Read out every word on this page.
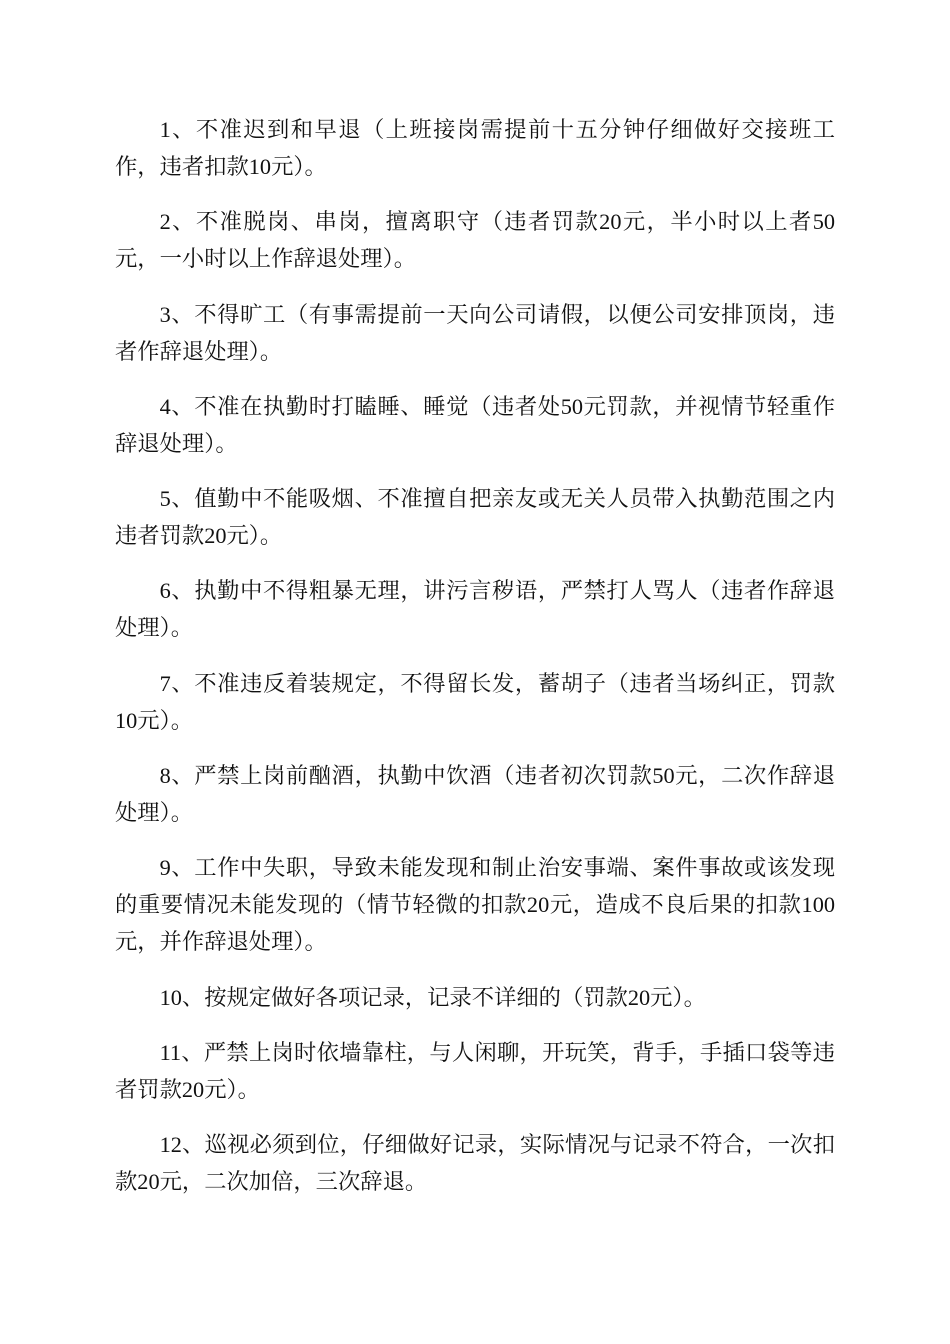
1、不准迟到和早退（上班接岗需提前十五分钟仔细做好交接班工
作，违者扣款10元）。
2、不准脱岗、串岗，擅离职守（违者罚款20元，半小时以上者50
元，一小时以上作辞退处理）。
3、不得旷工（有事需提前一天向公司请假，以便公司安排顶岗，违
者作辞退处理）。
4、不准在执勤时打瞌睡、睡觉（违者处50元罚款，并视情节轻重作
辞退处理）。
5、值勤中不能吸烟、不准擅自把亲友或无关人员带入执勤范围之内
违者罚款20元）。
6、执勤中不得粗暴无理，讲污言秽语，严禁打人骂人（违者作辞退
处理）。
7、不准违反着装规定，不得留长发，蓄胡子（违者当场纠正，罚款
10元）。
8、严禁上岗前酗酒，执勤中饮酒（违者初次罚款50元，二次作辞退
处理）。
9、工作中失职，导致未能发现和制止治安事端、案件事故或该发现
的重要情况未能发现的（情节轻微的扣款20元，造成不良后果的扣款100
元，并作辞退处理）。
10、按规定做好各项记录，记录不详细的（罚款20元）。
11、严禁上岗时依墙靠柱，与人闲聊，开玩笑，背手，手插口袋等违
者罚款20元）。
12、巡视必须到位，仔细做好记录，实际情况与记录不符合，一次扣
款20元，二次加倍，三次辞退。
